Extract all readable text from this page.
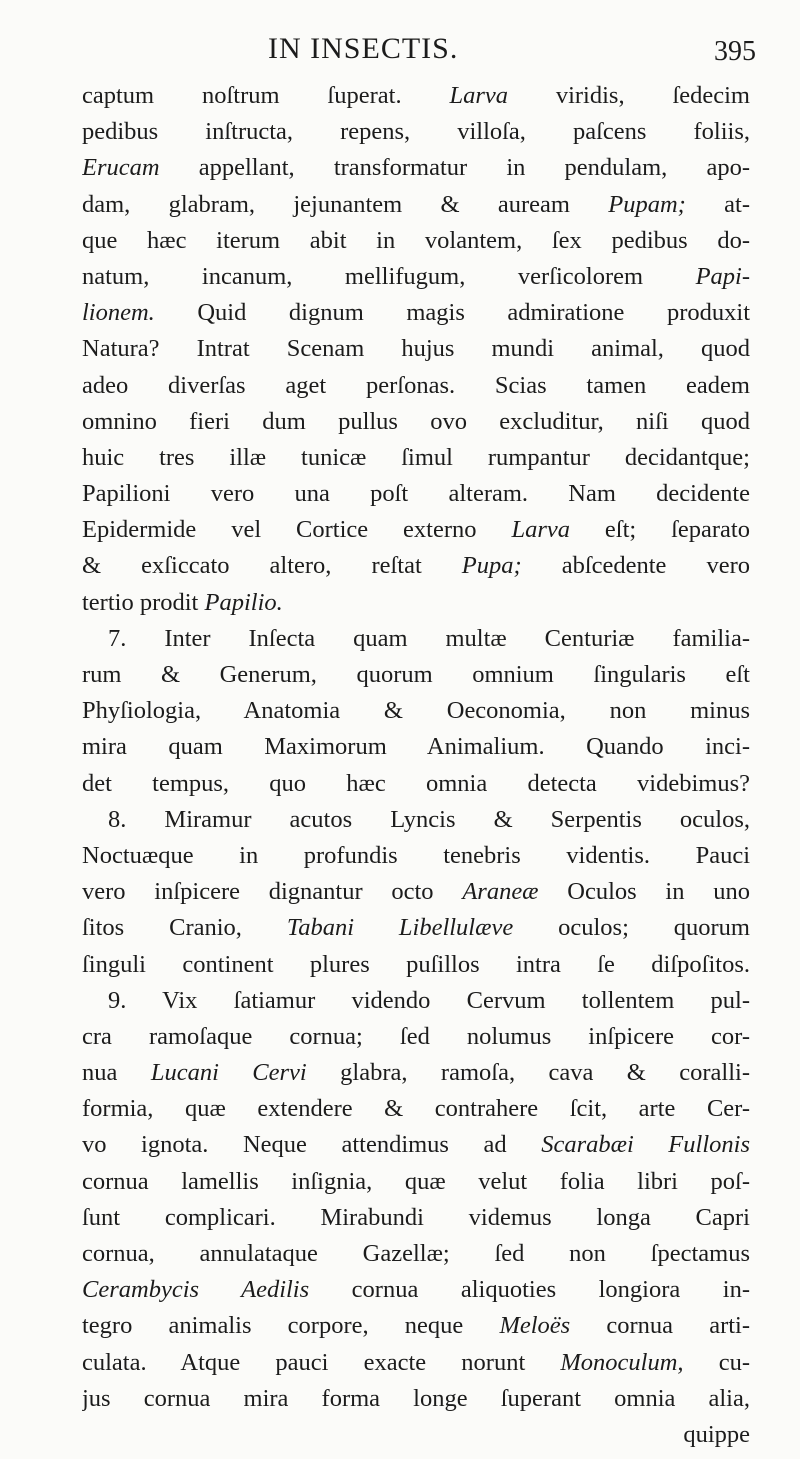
IN INSECTIS.	395
captum noſtrum ſuperat. Larva viridis, ſedecim
pedibus inſtructa, repens, villoſa, paſcens foliis,
Erucam appellant, transformatur in pendulam, apo-
dam, glabram, jejunantem & auream Pupam; at-
que hæc iterum abit in volantem, ſex pedibus do-
natum, incanum, mellifugum, verſicolorem Papi-
lionem. Quid dignum magis admiratione produxit
Natura? Intrat Scenam hujus mundi animal, quod
adeo diverſas aget perſonas. Scias tamen eadem
omnino fieri dum pullus ovo excluditur, niſi quod
huic tres illæ tunicæ ſimul rumpantur decidantque;
Papilioni vero una poſt alteram. Nam decidente
Epidermide vel Cortice externo Larva eſt; ſeparato
& exſiccato altero, reſtat Pupa; abſcedente vero
tertio prodit Papilio.
7. Inter Inſecta quam multæ Centuriæ familia-
rum & Generum, quorum omnium ſingularis eſt
Phyſiologia, Anatomia & Oeconomia, non minus
mira quam Maximorum Animalium. Quando inci-
det tempus, quo hæc omnia detecta videbimus?
8. Miramur acutos Lyncis & Serpentis oculos,
Noctuæque in profundis tenebris videntis. Pauci
vero inſpicere dignantur octo Araneæ Oculos in uno
ſitos Cranio, Tabani Libellulæve oculos; quorum
ſinguli continent plures puſillos intra ſe diſpoſitos.
9. Vix ſatiamur videndo Cervum tollentem pul-
cra ramoſaque cornua; ſed nolumus inſpicere cor-
nua Lucani Cervi glabra, ramoſa, cava & coralli-
formia, quæ extendere & contrahere ſcit, arte Cer-
vo ignota. Neque attendimus ad Scarabæi Fullonis
cornua lamellis inſignia, quæ velut folia libri poſ-
ſunt complicari. Mirabundi videmus longa Capri
cornua, annulataque Gazellæ; ſed non ſpectamus
Cerambycis Aedilis cornua aliquoties longiora in-
tegro animalis corpore, neque Meloës cornua arti-
culata. Atque pauci exacte norunt Monoculum, cu-
jus cornua mira forma longe ſuperant omnia alia,
quippe
